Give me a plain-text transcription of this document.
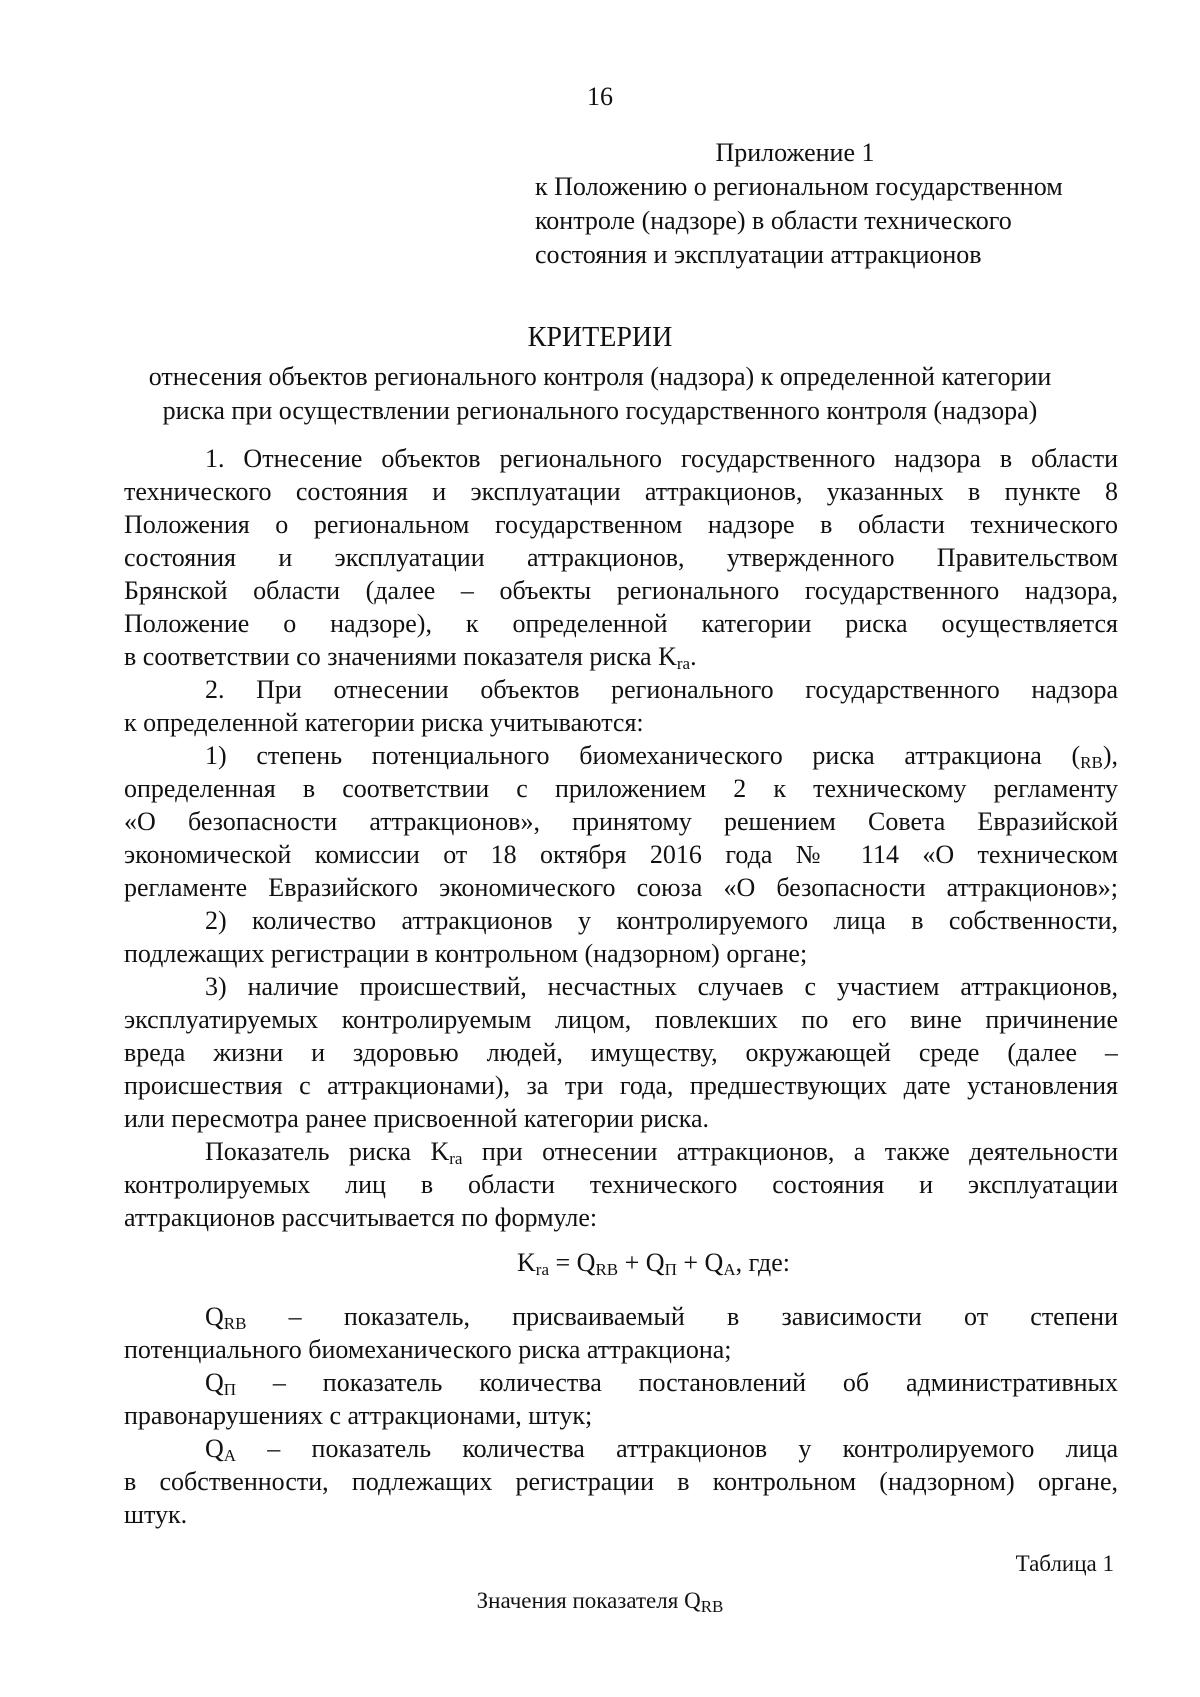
16
Приложение 1
к Положению о региональном государственном
контроле (надзоре) в области технического
состояния и эксплуатации аттракционов
КРИТЕРИИ
отнесения объектов регионального контроля (надзора) к определенной категории
риска при осуществлении регионального государственного контроля (надзора)
1. Отнесение объектов регионального государственного надзора в области
технического состояния и эксплуатации аттракционов, указанных в пункте 8
Положения о региональном государственном надзоре в области технического
состояния и эксплуатации аттракционов, утвержденного Правительством
Брянской области (далее – объекты регионального государственного надзора,
Положение о надзоре), к определенной категории риска осуществляется
в соответствии со значениями показателя риска $K_{ra}$.
2. При отнесении объектов регионального государственного надзора
к определенной категории риска учитываются:
1) степень потенциального биомеханического риска аттракциона $(_{RB})$,
определенная в соответствии с приложением 2 к техническому регламенту
«О безопасности аттракционов», принятому решением Совета Евразийской
экономической комиссии от 18 октября 2016 года № 114 «О техническом
регламенте Евразийского экономического союза «О безопасности аттракционов»;
2) количество аттракционов у контролируемого лица в собственности,
подлежащих регистрации в контрольном (надзорном) органе;
3) наличие происшествий, несчастных случаев с участием аттракционов,
эксплуатируемых контролируемым лицом, повлекших по его вине причинение
вреда жизни и здоровью людей, имуществу, окружающей среде (далее –
происшествия с аттракционами), за три года, предшествующих дате установления
или пересмотра ранее присвоенной категории риска.
Показатель риска $K_{ra}$ при отнесении аттракционов, а также деятельности
контролируемых лиц в области технического состояния и эксплуатации
аттракционов рассчитывается по формуле:
$K_{ra} = Q_{RB} + Q_П + Q_A$, где:
$Q_{RB}$ – показатель, присваиваемый в зависимости от степени
потенциального биомеханического риска аттракциона;
$Q_П$ – показатель количества постановлений об административных
правонарушениях с аттракционами, штук;
$Q_A$ – показатель количества аттракционов у контролируемого лица
в собственности, подлежащих регистрации в контрольном (надзорном) органе,
штук.
Таблица 1
Значения показателя $Q_{RB}$
